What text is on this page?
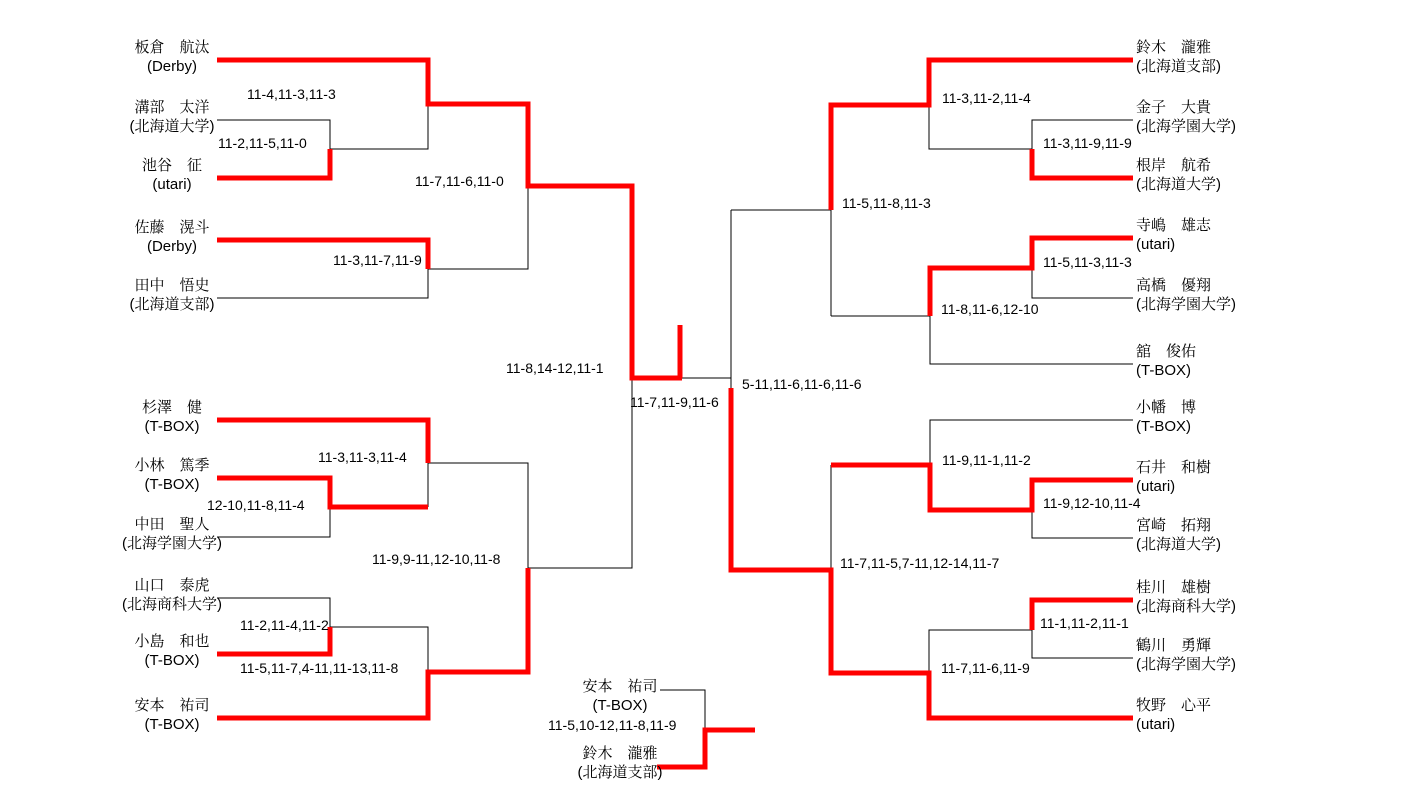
板倉　航汰
(Derby)
溝部　太洋
(北海道大学)
池谷　征
(utari)
佐藤　滉斗
(Derby)
田中　悟史
(北海道支部)
杉澤　健
(T-BOX)
小林　篤季
(T-BOX)
中田　聖人
(北海学園大学)
山口　泰虎
(北海商科大学)
小島　和也
(T-BOX)
安本　祐司
(T-BOX)
鈴木　瀧雅
(北海道支部)
金子　大貴
(北海学園大学)
根岸　航希
(北海道大学)
寺嶋　雄志
(utari)
高橋　優翔
(北海学園大学)
舘　俊佑
(T-BOX)
小幡　博
(T-BOX)
石井　和樹
(utari)
宮崎　拓翔
(北海道大学)
桂川　雄樹
(北海商科大学)
鶴川　勇輝
(北海学園大学)
牧野　心平
(utari)
安本　祐司
(T-BOX)
11-5,10-12,11-8,11-9
鈴木　瀧雅
(北海道支部)
11-2,11-5,11-0
11-4,11-3,11-3
11-3,11-7,11-9
11-7,11-6,11-0
12-10,11-8,11-4
11-3,11-3,11-4
11-2,11-4,11-2
11-5,11-7,4-11,11-13,11-8
11-9,9-11,12-10,11-8
11-8,14-12,11-1
11-3,11-2,11-4
11-3,11-9,11-9
11-5,11-3,11-3
11-8,11-6,12-10
11-5,11-8,11-3
11-9,11-1,11-2
11-9,12-10,11-4
11-1,11-2,11-1
11-7,11-6,11-9
11-7,11-5,7-11,12-14,11-7
5-11,11-6,11-6,11-6
11-7,11-9,11-6
